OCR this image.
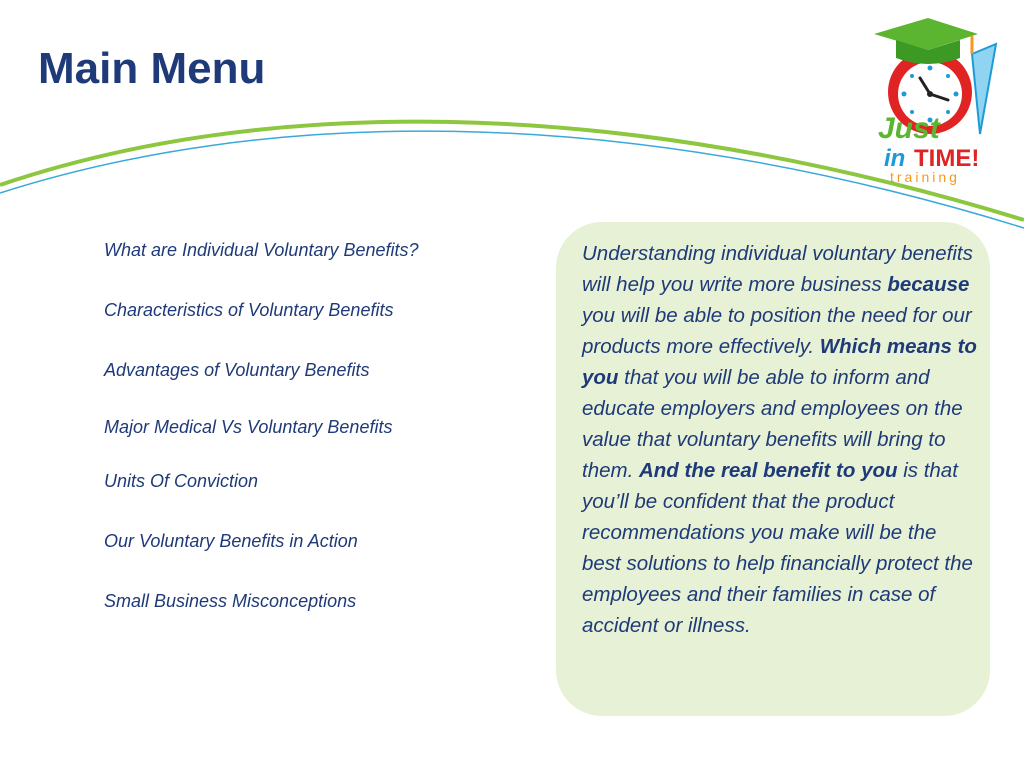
Main Menu
Just
in TIME!
training
What are Individual Voluntary Benefits?
Characteristics of Voluntary Benefits
Advantages of Voluntary Benefits
Major Medical Vs Voluntary Benefits
Units Of Conviction
Our Voluntary Benefits in Action
Small Business Misconceptions

Understanding individual voluntary benefits will help you write more business because you will be able to position the need for our products more effectively. Which means to you that you will be able to inform and educate employers and employees on the value that voluntary benefits will bring to them. And the real benefit to you is that you’ll be confident that the product recommendations you make will be the best solutions to help financially protect the employees and their families in case of accident or illness.
